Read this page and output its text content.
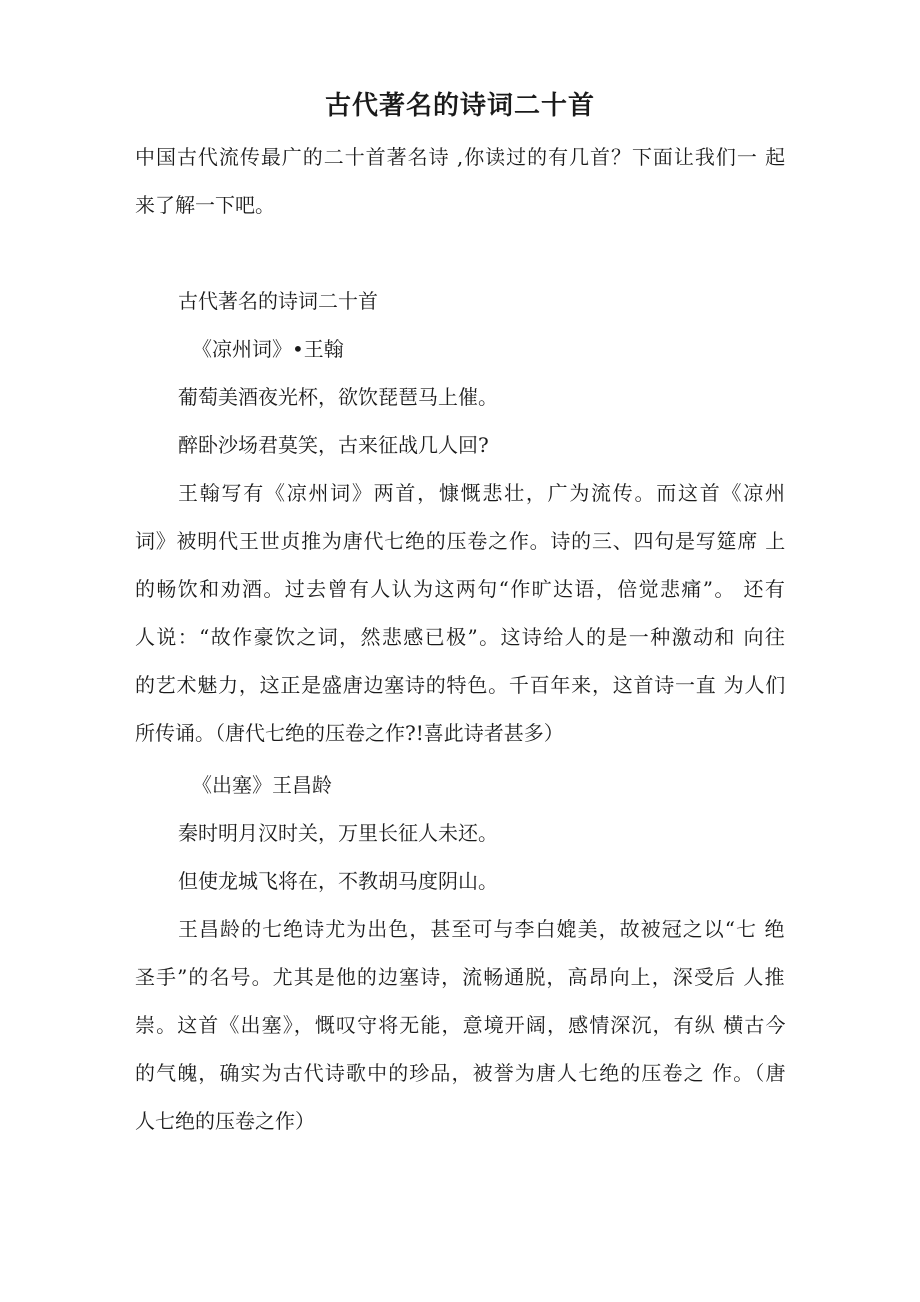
古代著名的诗词二十首

中国古代流传最广的二十首著名诗 ,你读过的有几首？下面让我们一 起

来了解一下吧。

古代著名的诗词二十首

《凉州词》•王翰

葡萄美酒夜光杯，欲饮琵琶马上催。

醉卧沙场君莫笑，古来征战几人回?

王翰写有《凉州词》两首，慷慨悲壮，广为流传。而这首《凉州

词》被明代王世贞推为唐代七绝的压卷之作。诗的三、四句是写筵席 上

的畅饮和劝酒。过去曾有人认为这两句“作旷达语，倍觉悲痛”。 还有

人说：“故作豪饮之词，然悲感已极”。这诗给人的是一种激动和 向往

的艺术魅力，这正是盛唐边塞诗的特色。千百年来，这首诗一直 为人们

所传诵。（唐代七绝的压卷之作?!喜此诗者甚多）

《出塞》王昌龄

秦时明月汉时关，万里长征人未还。

但使龙城飞将在，不教胡马度阴山。

王昌龄的七绝诗尤为出色，甚至可与李白媲美，故被冠之以“七 绝

圣手”的名号。尤其是他的边塞诗，流畅通脱，高昂向上，深受后 人推

崇。这首《出塞》，慨叹守将无能，意境开阔，感情深沉，有纵 横古今

的气魄，确实为古代诗歌中的珍品，被誉为唐人七绝的压卷之 作。（唐

人七绝的压卷之作）
